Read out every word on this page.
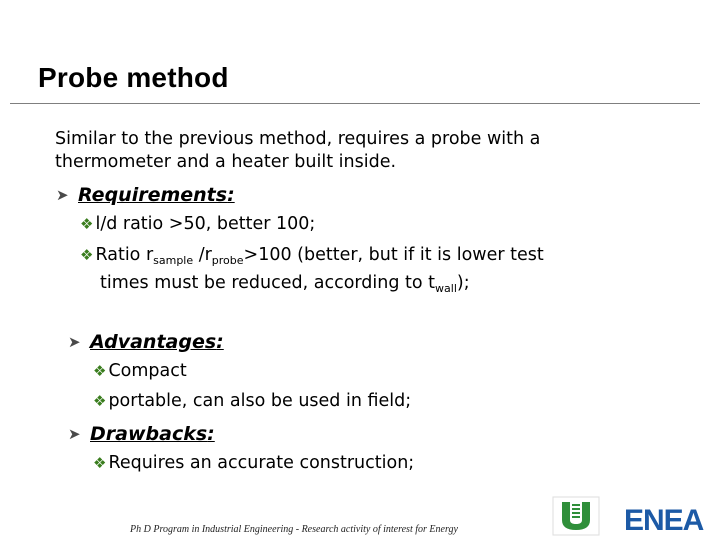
Probe method
Similar to the previous method, requires a probe with a
thermometer and a heater built inside.
➤ Requirements:
❖ l/d ratio >50, better 100;
❖ Ratio $r_{sample}$ $/r_{probe}>100$ (better, but if it is lower test
times must be reduced, according to $t_{wall}$);
➤ Advantages:
❖ Compact
❖ portable, can also be used in field;
➤ Drawbacks:
❖ Requires an accurate construction;
Ph D Program in Industrial Engineering - Research activity of interest for Energy	ENEA
